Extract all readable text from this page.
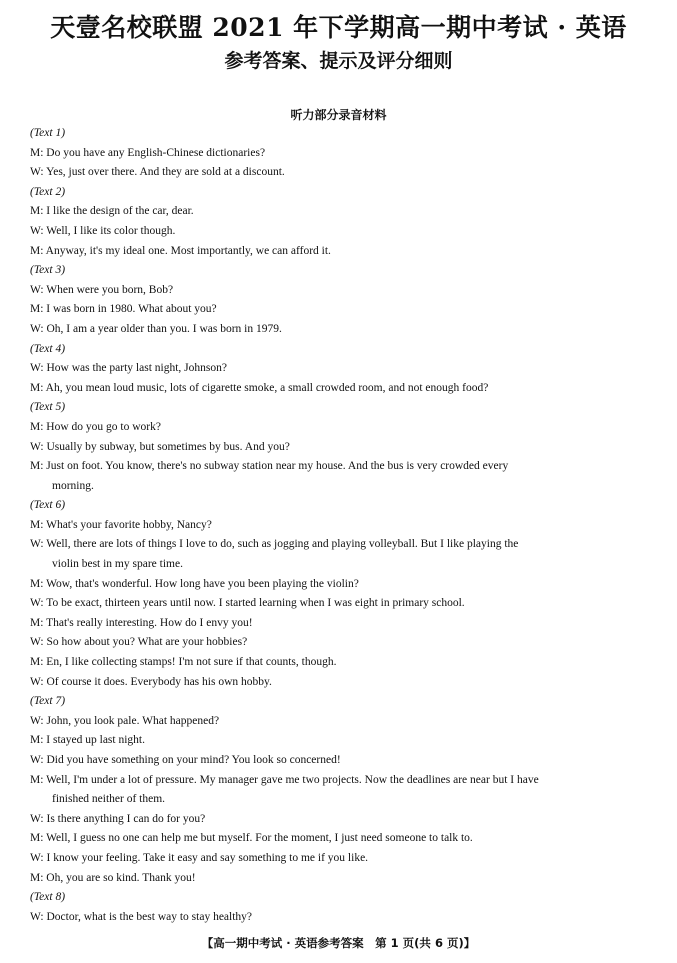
天壹名校联盟 2021 年下学期高一期中考试 · 英语
参考答案、提示及评分细则
听力部分录音材料
(Text 1)
M: Do you have any English-Chinese dictionaries?
W: Yes, just over there. And they are sold at a discount.
(Text 2)
M: I like the design of the car, dear.
W: Well, I like its color though.
M: Anyway, it's my ideal one. Most importantly, we can afford it.
(Text 3)
W: When were you born, Bob?
M: I was born in 1980. What about you?
W: Oh, I am a year older than you. I was born in 1979.
(Text 4)
W: How was the party last night, Johnson?
M: Ah, you mean loud music, lots of cigarette smoke, a small crowded room, and not enough food?
(Text 5)
M: How do you go to work?
W: Usually by subway, but sometimes by bus. And you?
M: Just on foot. You know, there's no subway station near my house. And the bus is very crowded every
morning.
(Text 6)
M: What's your favorite hobby, Nancy?
W: Well, there are lots of things I love to do, such as jogging and playing volleyball. But I like playing the
violin best in my spare time.
M: Wow, that's wonderful. How long have you been playing the violin?
W: To be exact, thirteen years until now. I started learning when I was eight in primary school.
M: That's really interesting. How do I envy you!
W: So how about you? What are your hobbies?
M: En, I like collecting stamps! I'm not sure if that counts, though.
W: Of course it does. Everybody has his own hobby.
(Text 7)
W: John, you look pale. What happened?
M: I stayed up last night.
W: Did you have something on your mind? You look so concerned!
M: Well, I'm under a lot of pressure. My manager gave me two projects. Now the deadlines are near but I have
finished neither of them.
W: Is there anything I can do for you?
M: Well, I guess no one can help me but myself. For the moment, I just need someone to talk to.
W: I know your feeling. Take it easy and say something to me if you like.
M: Oh, you are so kind. Thank you!
(Text 8)
W: Doctor, what is the best way to stay healthy?
【高一期中考试 · 英语参考答案　第 1 页(共 6 页)】
